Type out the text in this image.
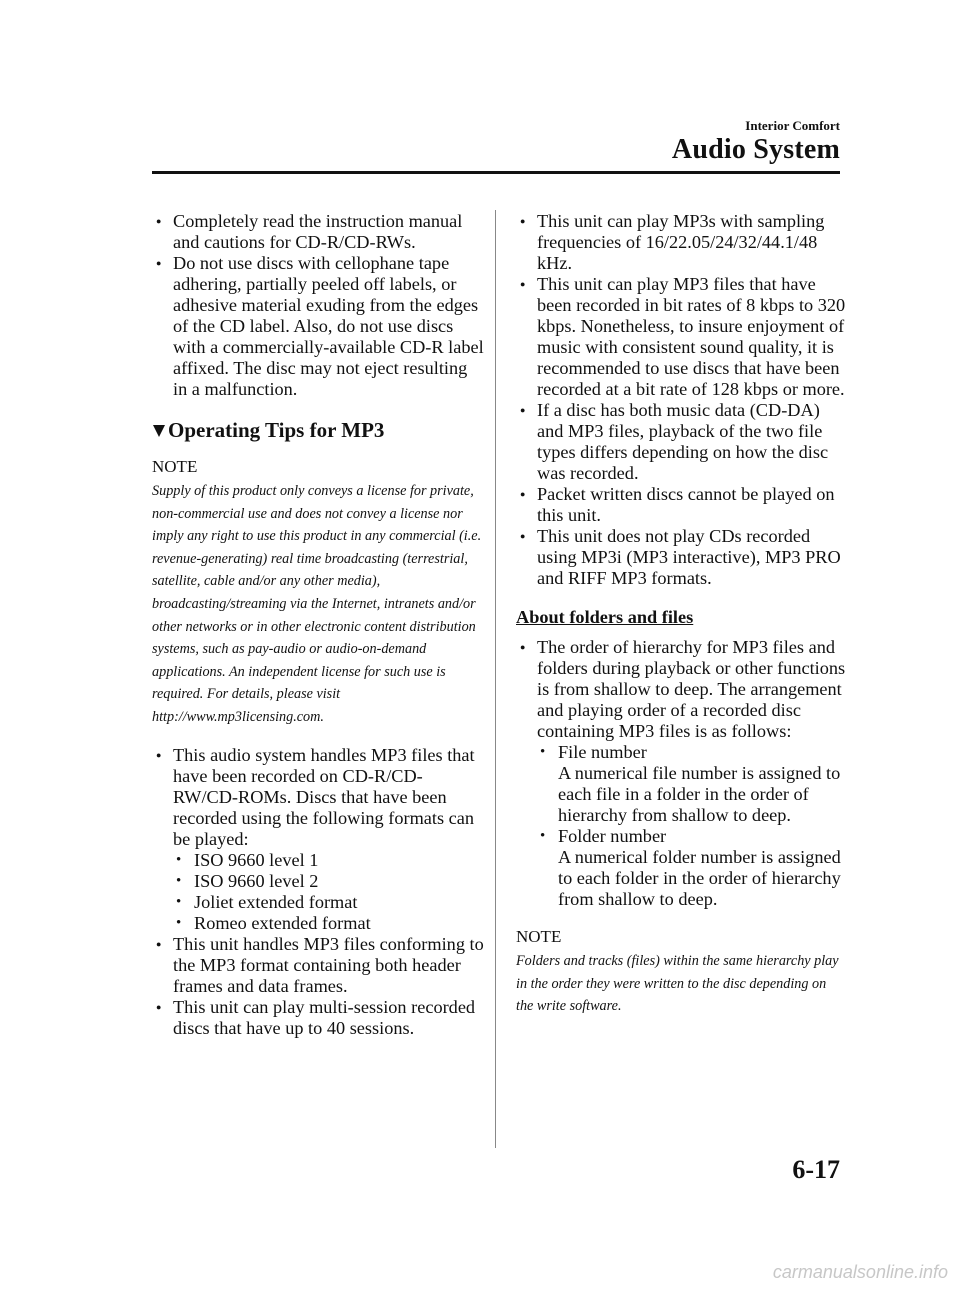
Interior Comfort
Audio System
● Completely read the instruction manual and cautions for CD-R/CD-RWs.
● Do not use discs with cellophane tape adhering, partially peeled off labels, or adhesive material exuding from the edges of the CD label. Also, do not use discs with a commercially-available CD-R label affixed. The disc may not eject resulting in a malfunction.
Operating Tips for MP3
NOTE
Supply of this product only conveys a license for private, non-commercial use and does not convey a license nor imply any right to use this product in any commercial (i.e. revenue-generating) real time broadcasting (terrestrial, satellite, cable and/or any other media), broadcasting/streaming via the Internet, intranets and/or other networks or in other electronic content distribution systems, such as pay-audio or audio-on-demand applications. An independent license for such use is required. For details, please visit http://www.mp3licensing.com.
● This audio system handles MP3 files that have been recorded on CD-R/CD-RW/CD-ROMs. Discs that have been recorded using the following formats can be played:
• ISO 9660 level 1
• ISO 9660 level 2
• Joliet extended format
• Romeo extended format
● This unit handles MP3 files conforming to the MP3 format containing both header frames and data frames.
● This unit can play multi-session recorded discs that have up to 40 sessions.
● This unit can play MP3s with sampling frequencies of 16/22.05/24/32/44.1/48 kHz.
● This unit can play MP3 files that have been recorded in bit rates of 8 kbps to 320 kbps. Nonetheless, to insure enjoyment of music with consistent sound quality, it is recommended to use discs that have been recorded at a bit rate of 128 kbps or more.
● If a disc has both music data (CD-DA) and MP3 files, playback of the two file types differs depending on how the disc was recorded.
● Packet written discs cannot be played on this unit.
● This unit does not play CDs recorded using MP3i (MP3 interactive), MP3 PRO and RIFF MP3 formats.
About folders and files
● The order of hierarchy for MP3 files and folders during playback or other functions is from shallow to deep. The arrangement and playing order of a recorded disc containing MP3 files is as follows:
• File number
A numerical file number is assigned to each file in a folder in the order of hierarchy from shallow to deep.
• Folder number
A numerical folder number is assigned to each folder in the order of hierarchy from shallow to deep.
NOTE
Folders and tracks (files) within the same hierarchy play in the order they were written to the disc depending on the write software.
6-17
carmanualsonline.info
